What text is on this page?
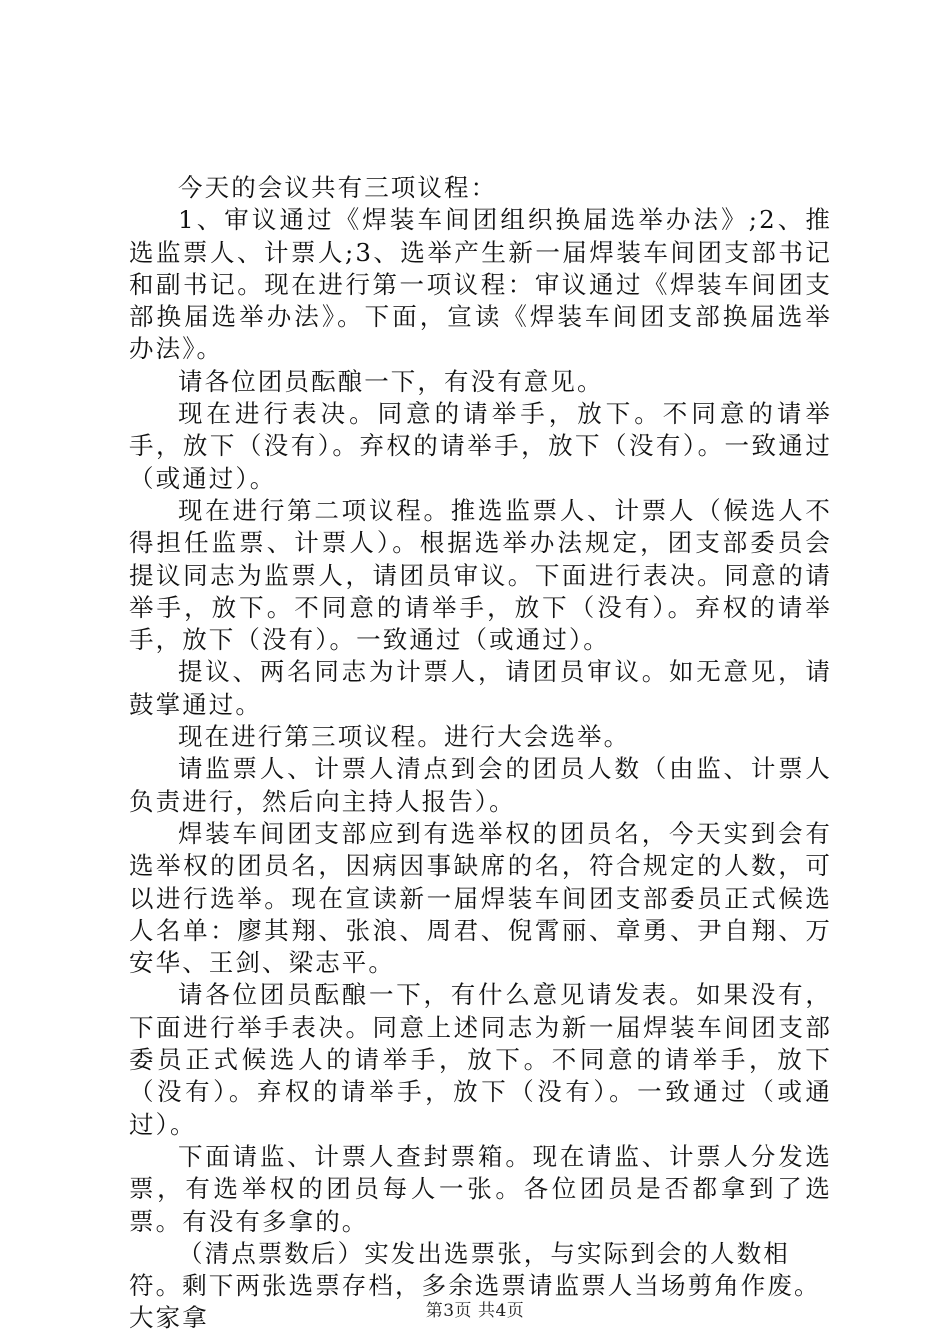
今天的会议共有三项议程：

1、审议通过《焊装车间团组织换届选举办法》;2、推选监票人、计票人;3、选举产生新一届焊装车间团支部书记和副书记。现在进行第一项议程：审议通过《焊装车间团支部换届选举办法》。下面，宣读《焊装车间团支部换届选举办法》。

请各位团员酝酿一下，有没有意见。

现在进行表决。同意的请举手，放下。不同意的请举手，放下（没有）。弃权的请举手，放下（没有）。一致通过（或通过）。

现在进行第二项议程。推选监票人、计票人（候选人不得担任监票、计票人）。根据选举办法规定，团支部委员会提议同志为监票人，请团员审议。下面进行表决。同意的请举手，放下。不同意的请举手，放下（没有）。弃权的请举手，放下（没有）。一致通过（或通过）。

提议、两名同志为计票人，请团员审议。如无意见，请鼓掌通过。

现在进行第三项议程。进行大会选举。

请监票人、计票人清点到会的团员人数（由监、计票人负责进行，然后向主持人报告）。

焊装车间团支部应到有选举权的团员名，今天实到会有选举权的团员名，因病因事缺席的名，符合规定的人数，可以进行选举。现在宣读新一届焊装车间团支部委员正式候选人名单：廖其翔、张浪、周君、倪霄丽、章勇、尹自翔、万安华、王剑、梁志平。

请各位团员酝酿一下，有什么意见请发表。如果没有，下面进行举手表决。同意上述同志为新一届焊装车间团支部委员正式候选人的请举手，放下。不同意的请举手，放下（没有）。弃权的请举手，放下（没有）。一致通过（或通过）。

下面请监、计票人查封票箱。现在请监、计票人分发选票，有选举权的团员每人一张。各位团员是否都拿到了选票。有没有多拿的。

（清点票数后）实发出选票张，与实际到会的人数相符。剩下两张选票存档，多余选票请监票人当场剪角作废。大家拿	第3页 共4页
